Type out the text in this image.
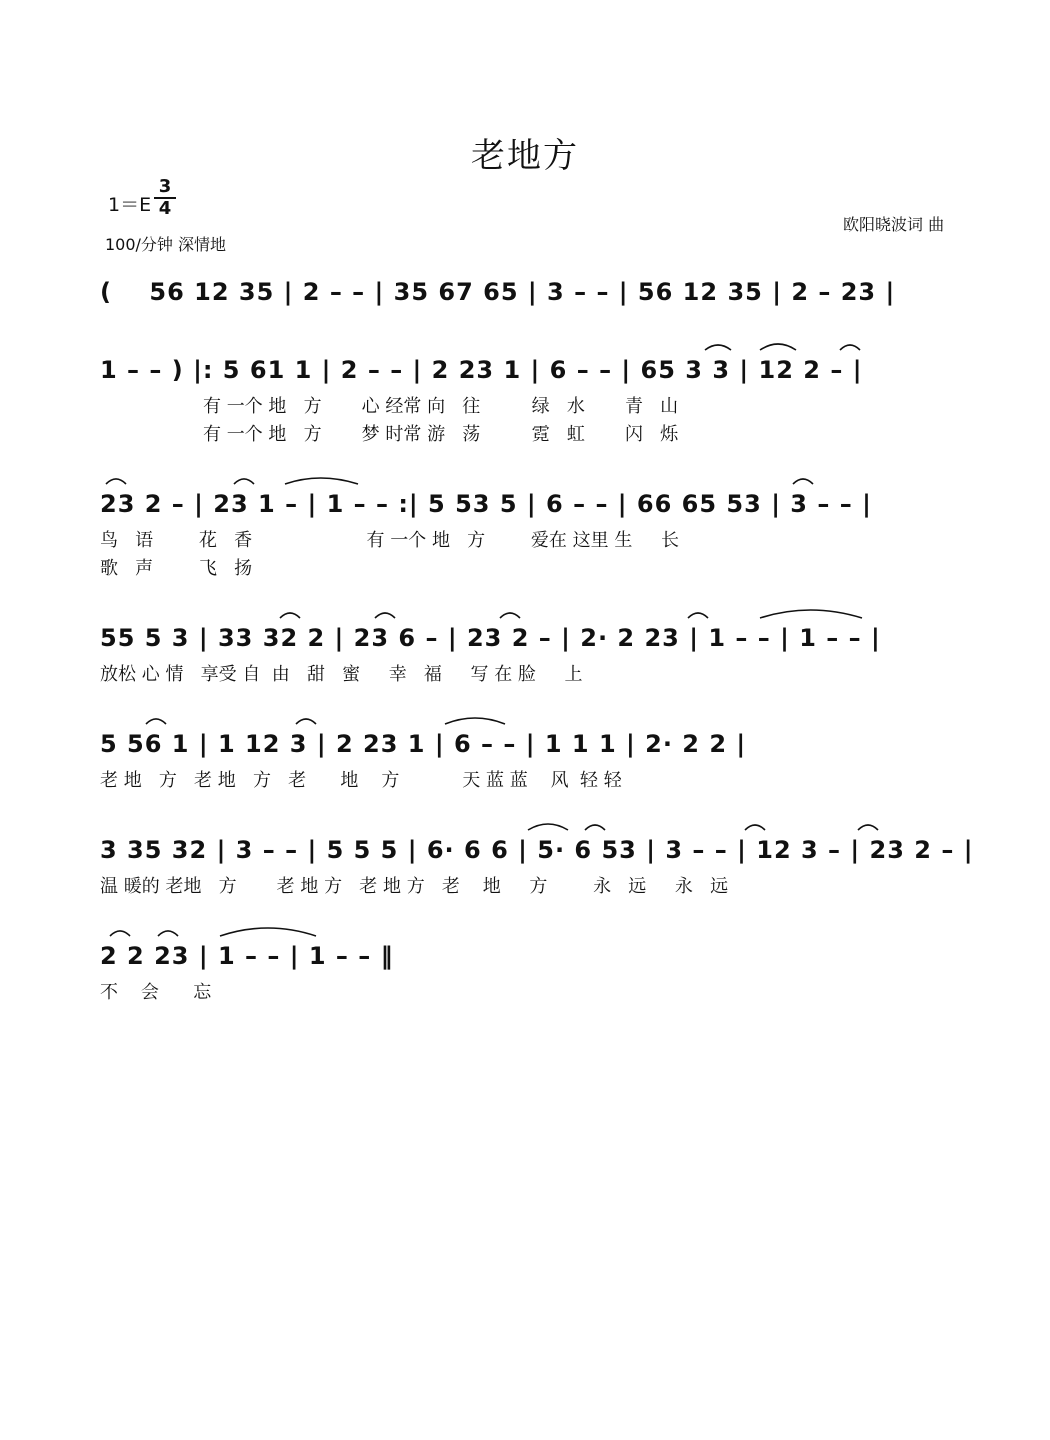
老地方
1＝E
3
4
100/分钟 深情地
欧阳晓波词 曲
(    56 12 35 | 2 – – | 35 67 65 | 3 – – | 56 12 35 | 2 – 23 |
1 – – ) |: 5 61 1 | 2 – – | 2 23 1 | 6 – – | 65 3 3 | 12 2 – |
有 一个 地   方       心 经常 向   往         绿   水       青   山
有 一个 地   方       梦 时常 游   荡         霓   虹       闪   烁
23 2 – | 23 1 – | 1 – – :| 5 53 5 | 6 – – | 66 65 53 | 3 – – |
鸟   语        花   香                    有 一个 地   方        爱在 这里 生     长
歌   声        飞   扬
55 5 3 | 33 32 2 | 23 6 – | 23 2 – | 2· 2 23 | 1 – – | 1 – – |
放松 心 情   享受 自  由   甜   蜜     幸   福     写 在 脸     上
5 56 1 | 1 12 3 | 2 23 1 | 6 – – | 1 1 1 | 2· 2 2 |
老 地   方   老 地   方   老      地    方           天 蓝 蓝    风  轻 轻
3 35 32 | 3 – – | 5 5 5 | 6· 6 6 | 5· 6 53 | 3 – – | 12 3 – | 23 2 – |
温 暖的 老地   方       老 地 方   老 地 方   老    地     方        永   远     永   远
2 2 23 | 1 – – | 1 – – ‖
不    会      忘
